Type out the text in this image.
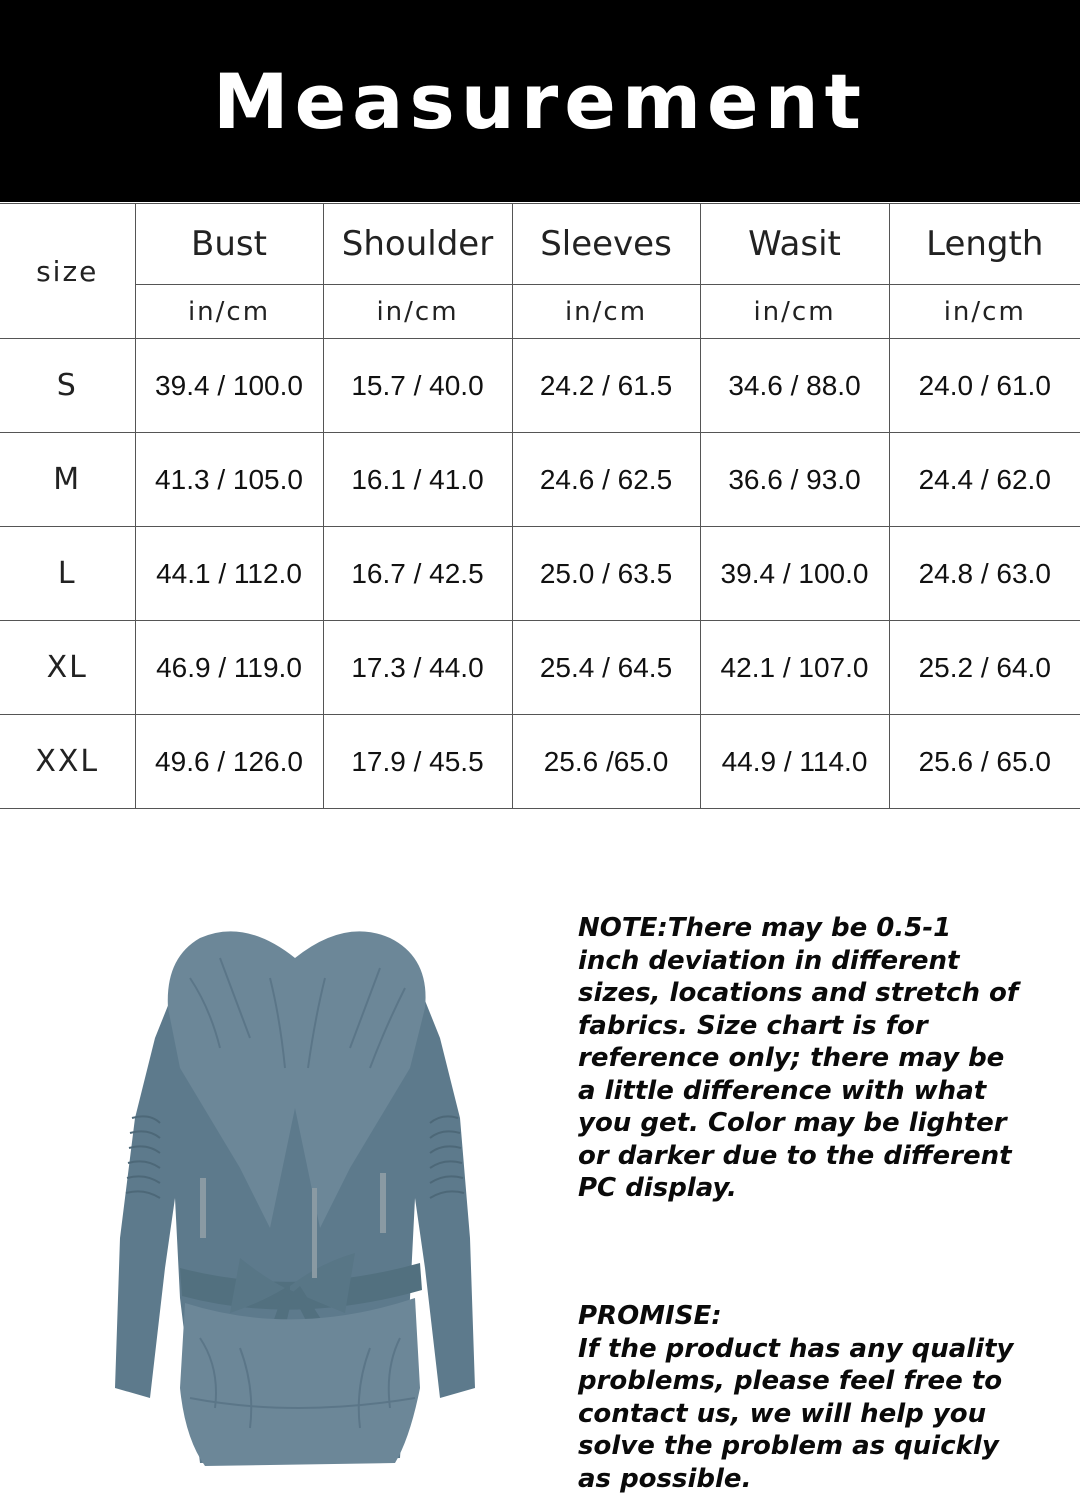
Measurement
size	Bust	Shoulder	Sleeves	Wasit	Length
	in/cm	in/cm	in/cm	in/cm	in/cm
S	39.4 / 100.0	15.7 / 40.0	24.2 / 61.5	34.6 / 88.0	24.0 / 61.0
M	41.3 / 105.0	16.1 / 41.0	24.6 / 62.5	36.6 / 93.0	24.4 / 62.0
L	44.1 / 112.0	16.7 / 42.5	25.0 / 63.5	39.4 / 100.0	24.8 / 63.0
XL	46.9 / 119.0	17.3 / 44.0	25.4 / 64.5	42.1 / 107.0	25.2 / 64.0
XXL	49.6 / 126.0	17.9 / 45.5	25.6 /65.0	44.9 / 114.0	25.6 / 65.0
NOTE:There may be 0.5-1
inch deviation in different
sizes, locations and stretch of
fabrics. Size chart is for
reference only; there may be
a little difference with what
you get. Color may be lighter
or darker due to the different
PC display.
PROMISE:
If the product has any quality
problems, please feel free to
contact us, we will help you
solve the problem as quickly
as possible.
